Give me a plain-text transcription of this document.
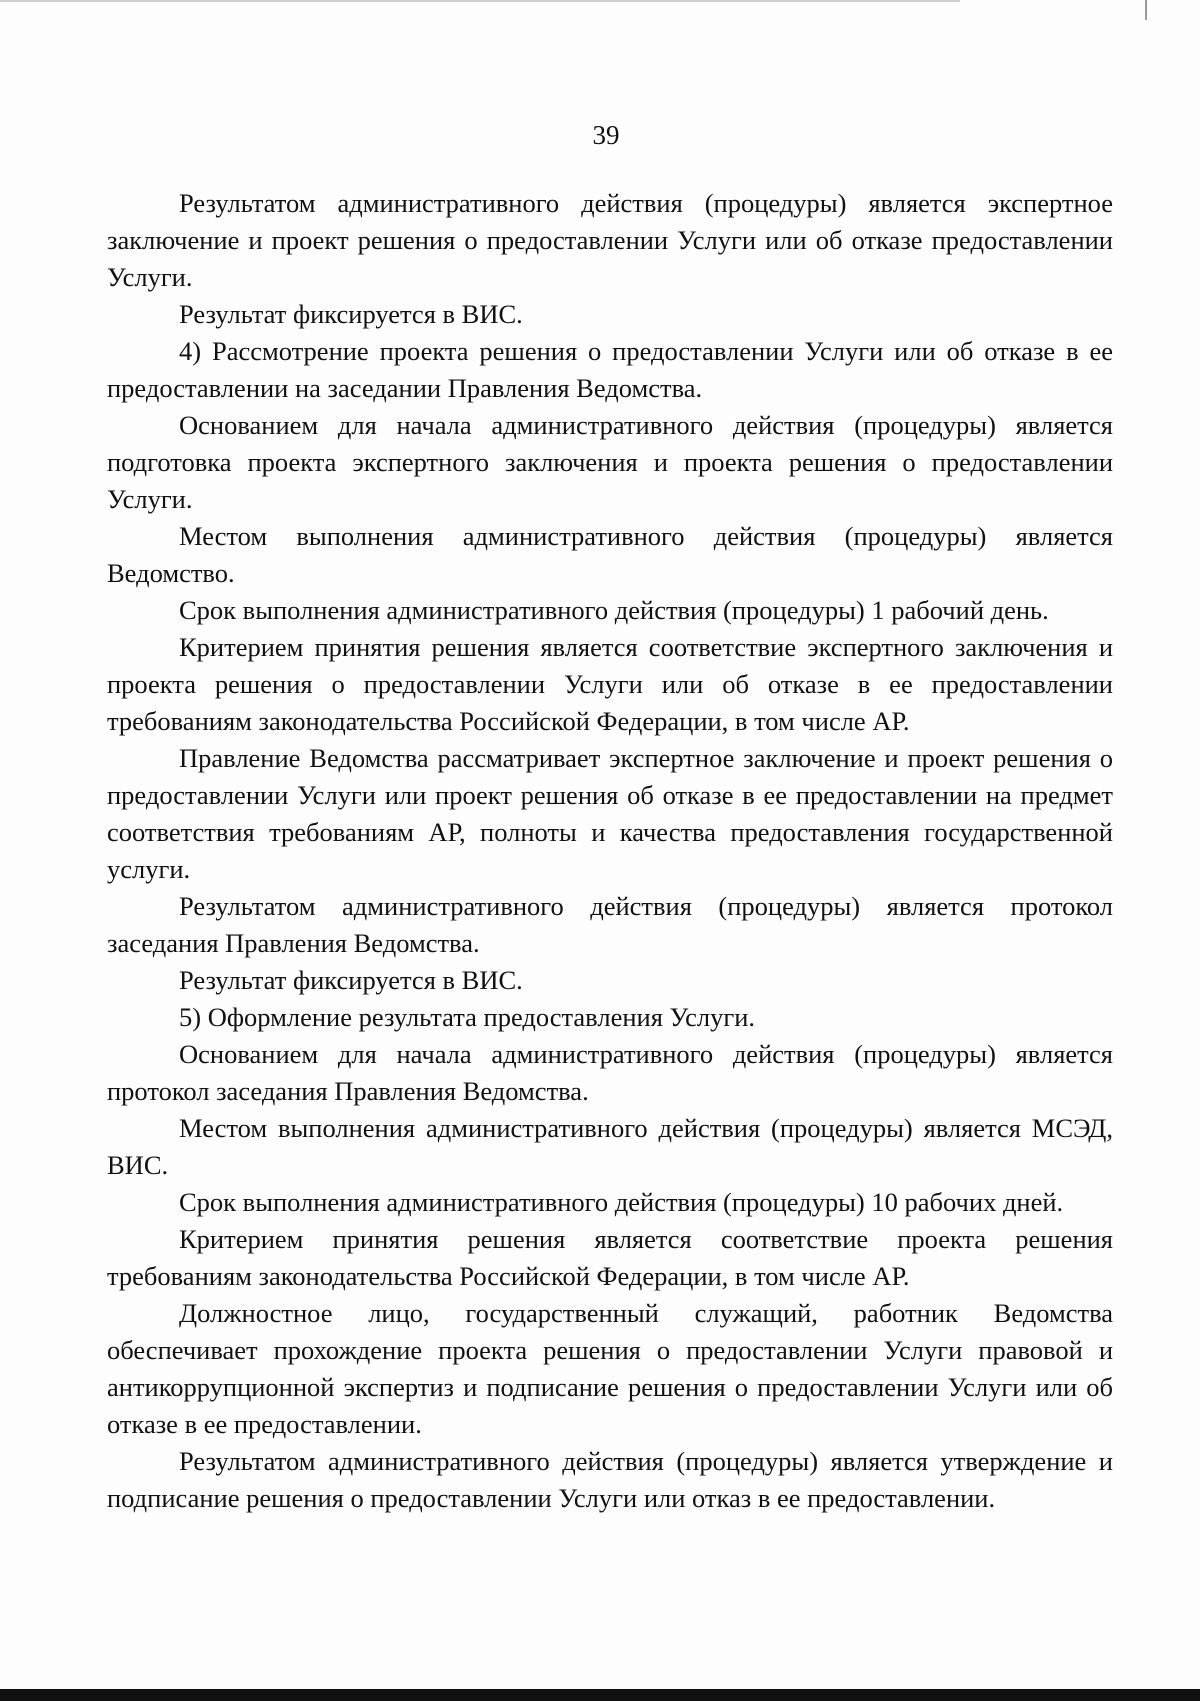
39

Результатом административного действия (процедуры) является экспертное заключение и проект решения о предоставлении Услуги или об отказе предоставлении Услуги.

Результат фиксируется в ВИС.

4) Рассмотрение проекта решения о предоставлении Услуги или об отказе в ее предоставлении на заседании Правления Ведомства.

Основанием для начала административного действия (процедуры) является подготовка проекта экспертного заключения и проекта решения о предоставлении Услуги.

Местом выполнения административного действия (процедуры) является Ведомство.

Срок выполнения административного действия (процедуры) 1 рабочий день.

Критерием принятия решения является соответствие экспертного заключения и проекта решения о предоставлении Услуги или об отказе в ее предоставлении требованиям законодательства Российской Федерации, в том числе АР.

Правление Ведомства рассматривает экспертное заключение и проект решения о предоставлении Услуги или проект решения об отказе в ее предоставлении на предмет соответствия требованиям АР, полноты и качества предоставления государственной услуги.

Результатом административного действия (процедуры) является протокол заседания Правления Ведомства.

Результат фиксируется в ВИС.

5) Оформление результата предоставления Услуги.

Основанием для начала административного действия (процедуры) является протокол заседания Правления Ведомства.

Местом выполнения административного действия (процедуры) является МСЭД, ВИС.

Срок выполнения административного действия (процедуры) 10 рабочих дней.

Критерием принятия решения является соответствие проекта решения требованиям законодательства Российской Федерации, в том числе АР.

Должностное лицо, государственный служащий, работник Ведомства обеспечивает прохождение проекта решения о предоставлении Услуги правовой и антикоррупционной экспертиз и подписание решения о предоставлении Услуги или об отказе в ее предоставлении.

Результатом административного действия (процедуры) является утверждение и подписание решения о предоставлении Услуги или отказ в ее предоставлении.
